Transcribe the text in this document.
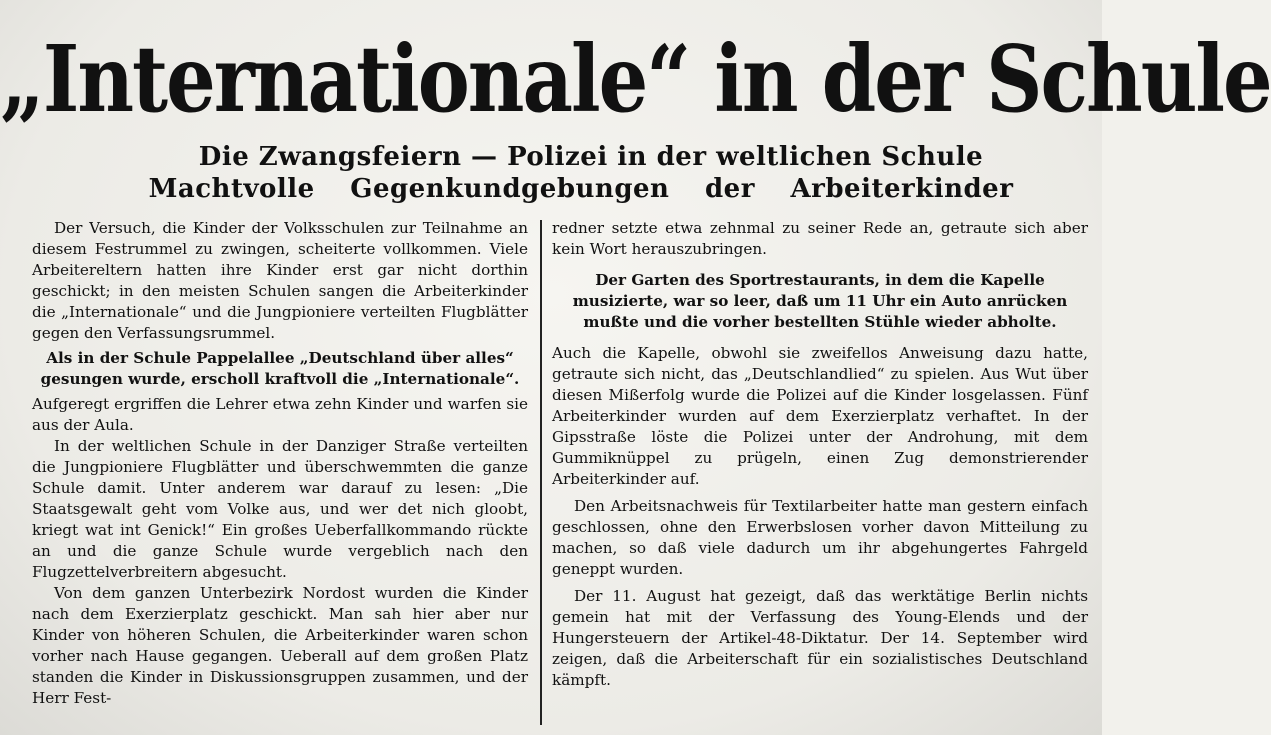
„Internationale“ in der Schule
Die Zwangsfeiern — Polizei in der weltlichen Schule
Machtvolle Gegenkundgebungen der Arbeiterkinder

Der Versuch, die Kinder der Volksschulen zur Teilnahme an diesem Festrummel zu zwingen, scheiterte vollkommen. Viele Arbeitereltern hatten ihre Kinder erst gar nicht dorthin geschickt; in den meisten Schulen sangen die Arbeiterkinder die „Internationale“ und die Jungpioniere verteilten Flugblätter gegen den Verfassungsrummel.

Als in der Schule Pappelallee „Deutschland über alles“ gesungen wurde, erscholl kraftvoll die „Internationale“.

Aufgeregt ergriffen die Lehrer etwa zehn Kinder und warfen sie aus der Aula.

In der weltlichen Schule in der Danziger Straße verteilten die Jungpioniere Flugblätter und überschwemmten die ganze Schule damit. Unter anderem war darauf zu lesen: „Die Staatsgewalt geht vom Volke aus, und wer det nich gloobt, kriegt wat int Genick!“ Ein großes Ueberfallkommando rückte an und die ganze Schule wurde vergeblich nach den Flugzettelverbreitern abgesucht.

Von dem ganzen Unterbezirk Nordost wurden die Kinder nach dem Exerzierplatz geschickt. Man sah hier aber nur Kinder von höheren Schulen, die Arbeiterkinder waren schon vorher nach Hause gegangen. Ueberall auf dem großen Platz standen die Kinder in Diskussionsgruppen zusammen, und der Herr Fest-

redner setzte etwa zehnmal zu seiner Rede an, getraute sich aber kein Wort herauszubringen.

Der Garten des Sportrestaurants, in dem die Kapelle musizierte, war so leer, daß um 11 Uhr ein Auto anrücken mußte und die vorher bestellten Stühle wieder abholte.

Auch die Kapelle, obwohl sie zweifellos Anweisung dazu hatte, getraute sich nicht, das „Deutschlandlied“ zu spielen. Aus Wut über diesen Mißerfolg wurde die Polizei auf die Kinder losgelassen. Fünf Arbeiterkinder wurden auf dem Exerzierplatz verhaftet. In der Gipsstraße löste die Polizei unter der Androhung, mit dem Gummiknüppel zu prügeln, einen Zug demonstrierender Arbeiterkinder auf.

Den Arbeitsnachweis für Textilarbeiter hatte man gestern einfach geschlossen, ohne den Erwerbslosen vorher davon Mitteilung zu machen, so daß viele dadurch um ihr abgehungertes Fahrgeld geneppt wurden.

Der 11. August hat gezeigt, daß das werktätige Berlin nichts gemein hat mit der Verfassung des Young-Elends und der Hungersteuern der Artikel-48-Diktatur. Der 14. September wird zeigen, daß die Arbeiterschaft für ein sozialistisches Deutschland kämpft.
